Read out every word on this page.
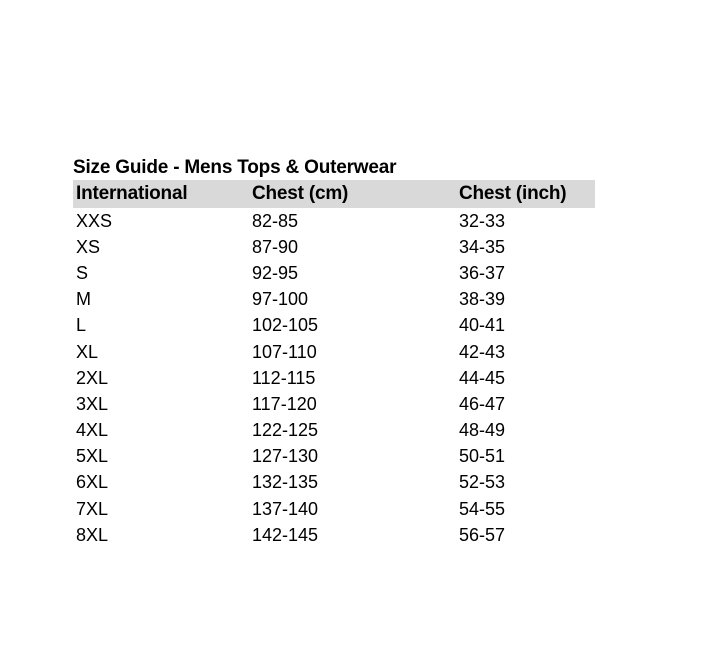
Size Guide - Mens Tops & Outerwear
International	Chest (cm)	Chest (inch)
XXS	82-85	32-33
XS	87-90	34-35
S	92-95	36-37
M	97-100	38-39
L	102-105	40-41
XL	107-110	42-43
2XL	112-115	44-45
3XL	117-120	46-47
4XL	122-125	48-49
5XL	127-130	50-51
6XL	132-135	52-53
7XL	137-140	54-55
8XL	142-145	56-57
